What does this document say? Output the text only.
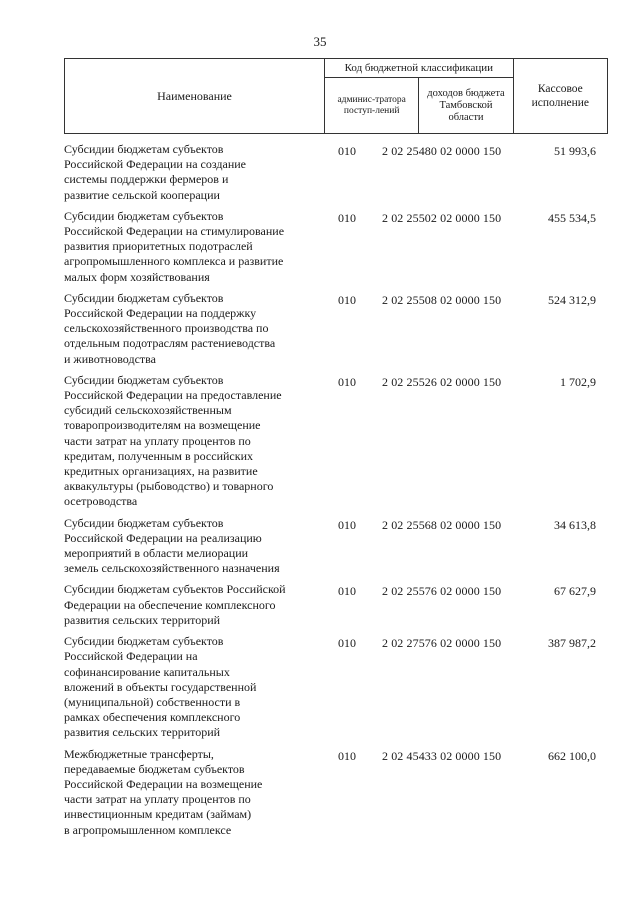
35
Наименование	Код бюджетной классификации		Кассовое исполнение
	админис-тратора поступ-лений	доходов бюджета Тамбовской области	
Субсидии бюджетам субъектов
Российской Федерации на создание
системы поддержки фермеров и
развитие сельской кооперации
010	2 02 25480 02 0000 150	51 993,6
Субсидии бюджетам субъектов
Российской Федерации на стимулирование
развития приоритетных подотраслей
агропромышленного комплекса и развитие
малых форм хозяйствования
010	2 02 25502 02 0000 150	455 534,5
Субсидии бюджетам субъектов
Российской Федерации на поддержку
сельскохозяйственного производства по
отдельным подотраслям растениеводства
и животноводства
010	2 02 25508 02 0000 150	524 312,9
Субсидии бюджетам субъектов
Российской Федерации на предоставление
субсидий сельскохозяйственным
товаропроизводителям на возмещение
части затрат на уплату процентов по
кредитам, полученным в российских
кредитных организациях, на развитие
аквакультуры (рыбоводство) и товарного
осетроводства
010	2 02 25526 02 0000 150	1 702,9
Субсидии бюджетам субъектов
Российской Федерации на реализацию
мероприятий в области мелиорации
земель сельскохозяйственного назначения
010	2 02 25568 02 0000 150	34 613,8
Субсидии бюджетам субъектов Российской
Федерации на обеспечение комплексного
развития сельских территорий
010	2 02 25576 02 0000 150	67 627,9
Субсидии бюджетам субъектов
Российской Федерации на
софинансирование капитальных
вложений в объекты государственной
(муниципальной) собственности в
рамках обеспечения комплексного
развития сельских территорий
010	2 02 27576 02 0000 150	387 987,2
Межбюджетные трансферты,
передаваемые бюджетам субъектов
Российской Федерации на возмещение
части затрат на уплату процентов по
инвестиционным кредитам (займам)
в агропромышленном комплексе
010	2 02 45433 02 0000 150	662 100,0
